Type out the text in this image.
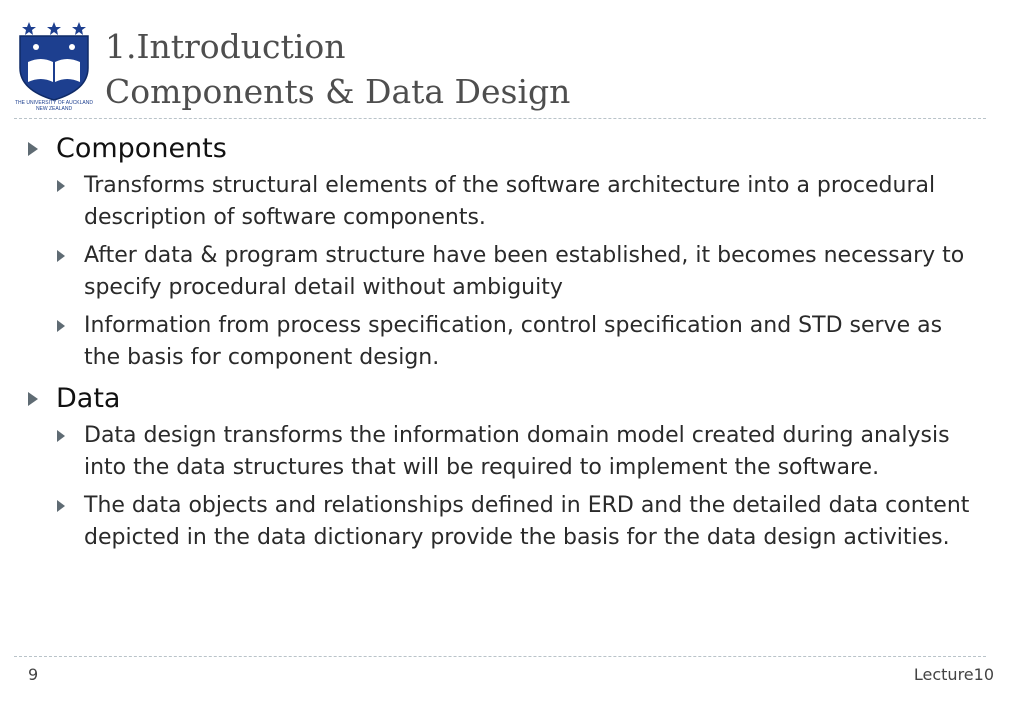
THE UNIVERSITY OF AUCKLAND
NEW ZEALAND
1.Introduction
Components & Data Design
Components
Transforms structural elements of the software architecture into a procedural description of software components.
After data & program structure have been established, it becomes necessary to specify procedural detail without ambiguity
Information from process specification, control specification and STD serve as the basis for component design.
Data
Data design transforms the information domain model created during analysis into the data structures that will be required to implement the software.
The data objects and relationships defined in ERD and the detailed data content depicted in the data dictionary provide the basis for the data design activities.
9	Lecture10
